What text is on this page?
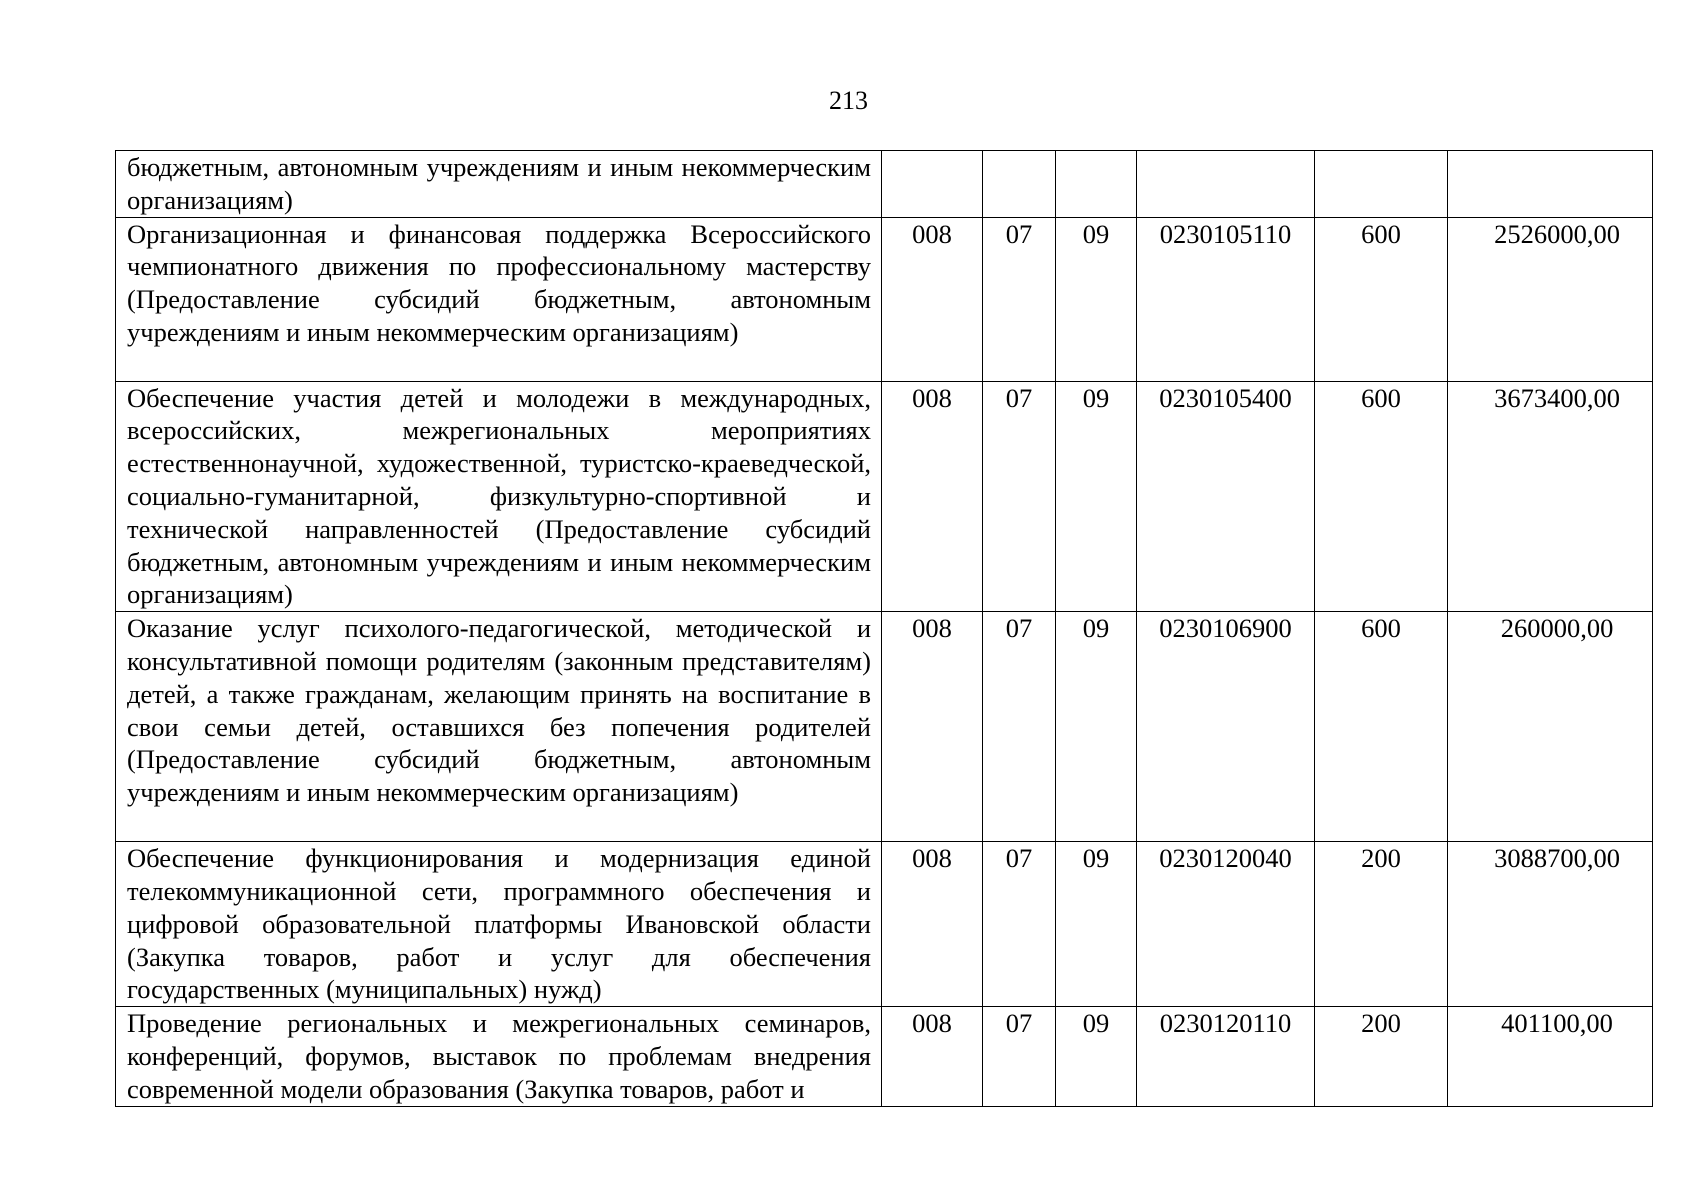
213
бюджетным, автономным учреждениям и иным некоммерческим организациям)						
Организационная и финансовая поддержка Всероссийского чемпионатного движения по профессиональному мастерству (Предоставление субсидий бюджетным, автономным учреждениям и иным некоммерческим организациям)	008	07	09	0230105110	600	2526000,00
Обеспечение участия детей и молодежи в международных, всероссийских, межрегиональных мероприятиях естественнонаучной, художественной, туристско-краеведческой, социально-гуманитарной, физкультурно-спортивной и технической направленностей (Предоставление субсидий бюджетным, автономным учреждениям и иным некоммерческим организациям)	008	07	09	0230105400	600	3673400,00
Оказание услуг психолого-педагогической, методической и консультативной помощи родителям (законным представителям) детей, а также гражданам, желающим принять на воспитание в свои семьи детей, оставшихся без попечения родителей (Предоставление субсидий бюджетным, автономным учреждениям и иным некоммерческим организациям)	008	07	09	0230106900	600	260000,00
Обеспечение функционирования и модернизация единой телекоммуникационной сети, программного обеспечения и цифровой образовательной платформы Ивановской области (Закупка товаров, работ и услуг для обеспечения государственных (муниципальных) нужд)	008	07	09	0230120040	200	3088700,00
Проведение региональных и межрегиональных семинаров, конференций, форумов, выставок по проблемам внедрения современной модели образования (Закупка товаров, работ и	008	07	09	0230120110	200	401100,00
